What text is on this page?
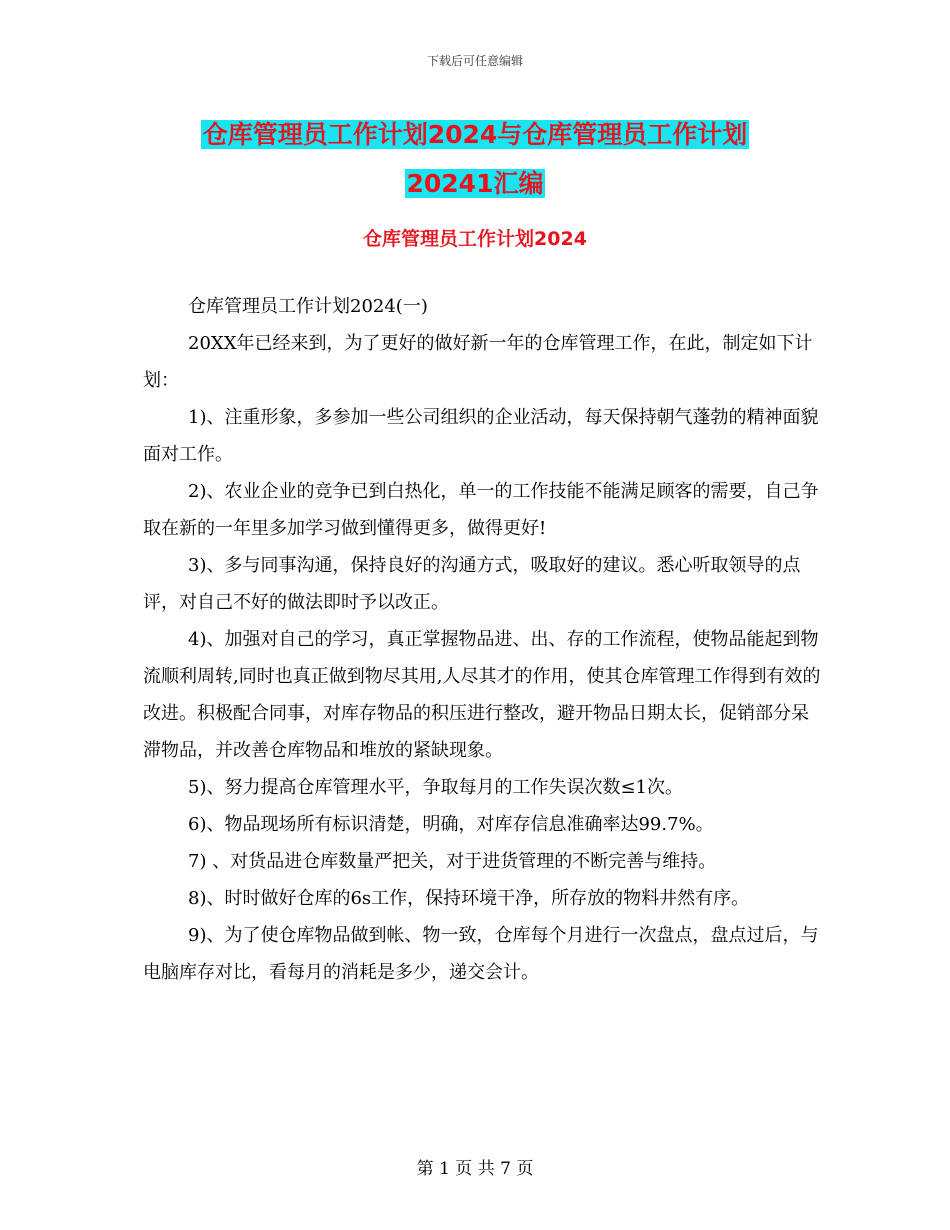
下载后可任意编辑
仓库管理员工作计划2024与仓库管理员工作计划
20241汇编
仓库管理员工作计划2024

仓库管理员工作计划2024(一)

20XX年已经来到，为了更好的做好新一年的仓库管理工作，在此，制定如下计划：

1)、注重形象，多参加一些公司组织的企业活动，每天保持朝气蓬勃的精神面貌面对工作。

2)、农业企业的竞争已到白热化，单一的工作技能不能满足顾客的需要，自己争取在新的一年里多加学习做到懂得更多，做得更好!

3)、多与同事沟通，保持良好的沟通方式，吸取好的建议。悉心听取领导的点评，对自己不好的做法即时予以改正。

4)、加强对自己的学习，真正掌握物品进、出、存的工作流程，使物品能起到物流顺利周转,同时也真正做到物尽其用,人尽其才的作用，使其仓库管理工作得到有效的改进。积极配合同事，对库存物品的积压进行整改，避开物品日期太长，促销部分呆滞物品，并改善仓库物品和堆放的紧缺现象。

5)、努力提高仓库管理水平，争取每月的工作失误次数≤1次。

6)、物品现场所有标识清楚，明确，对库存信息准确率达99.7%。

7) 、对货品进仓库数量严把关，对于进货管理的不断完善与维持。

8)、时时做好仓库的6s工作，保持环境干净，所存放的物料井然有序。

9)、为了使仓库物品做到帐、物一致，仓库每个月进行一次盘点，盘点过后，与电脑库存对比，看每月的消耗是多少，递交会计。

第 1 页 共 7 页
